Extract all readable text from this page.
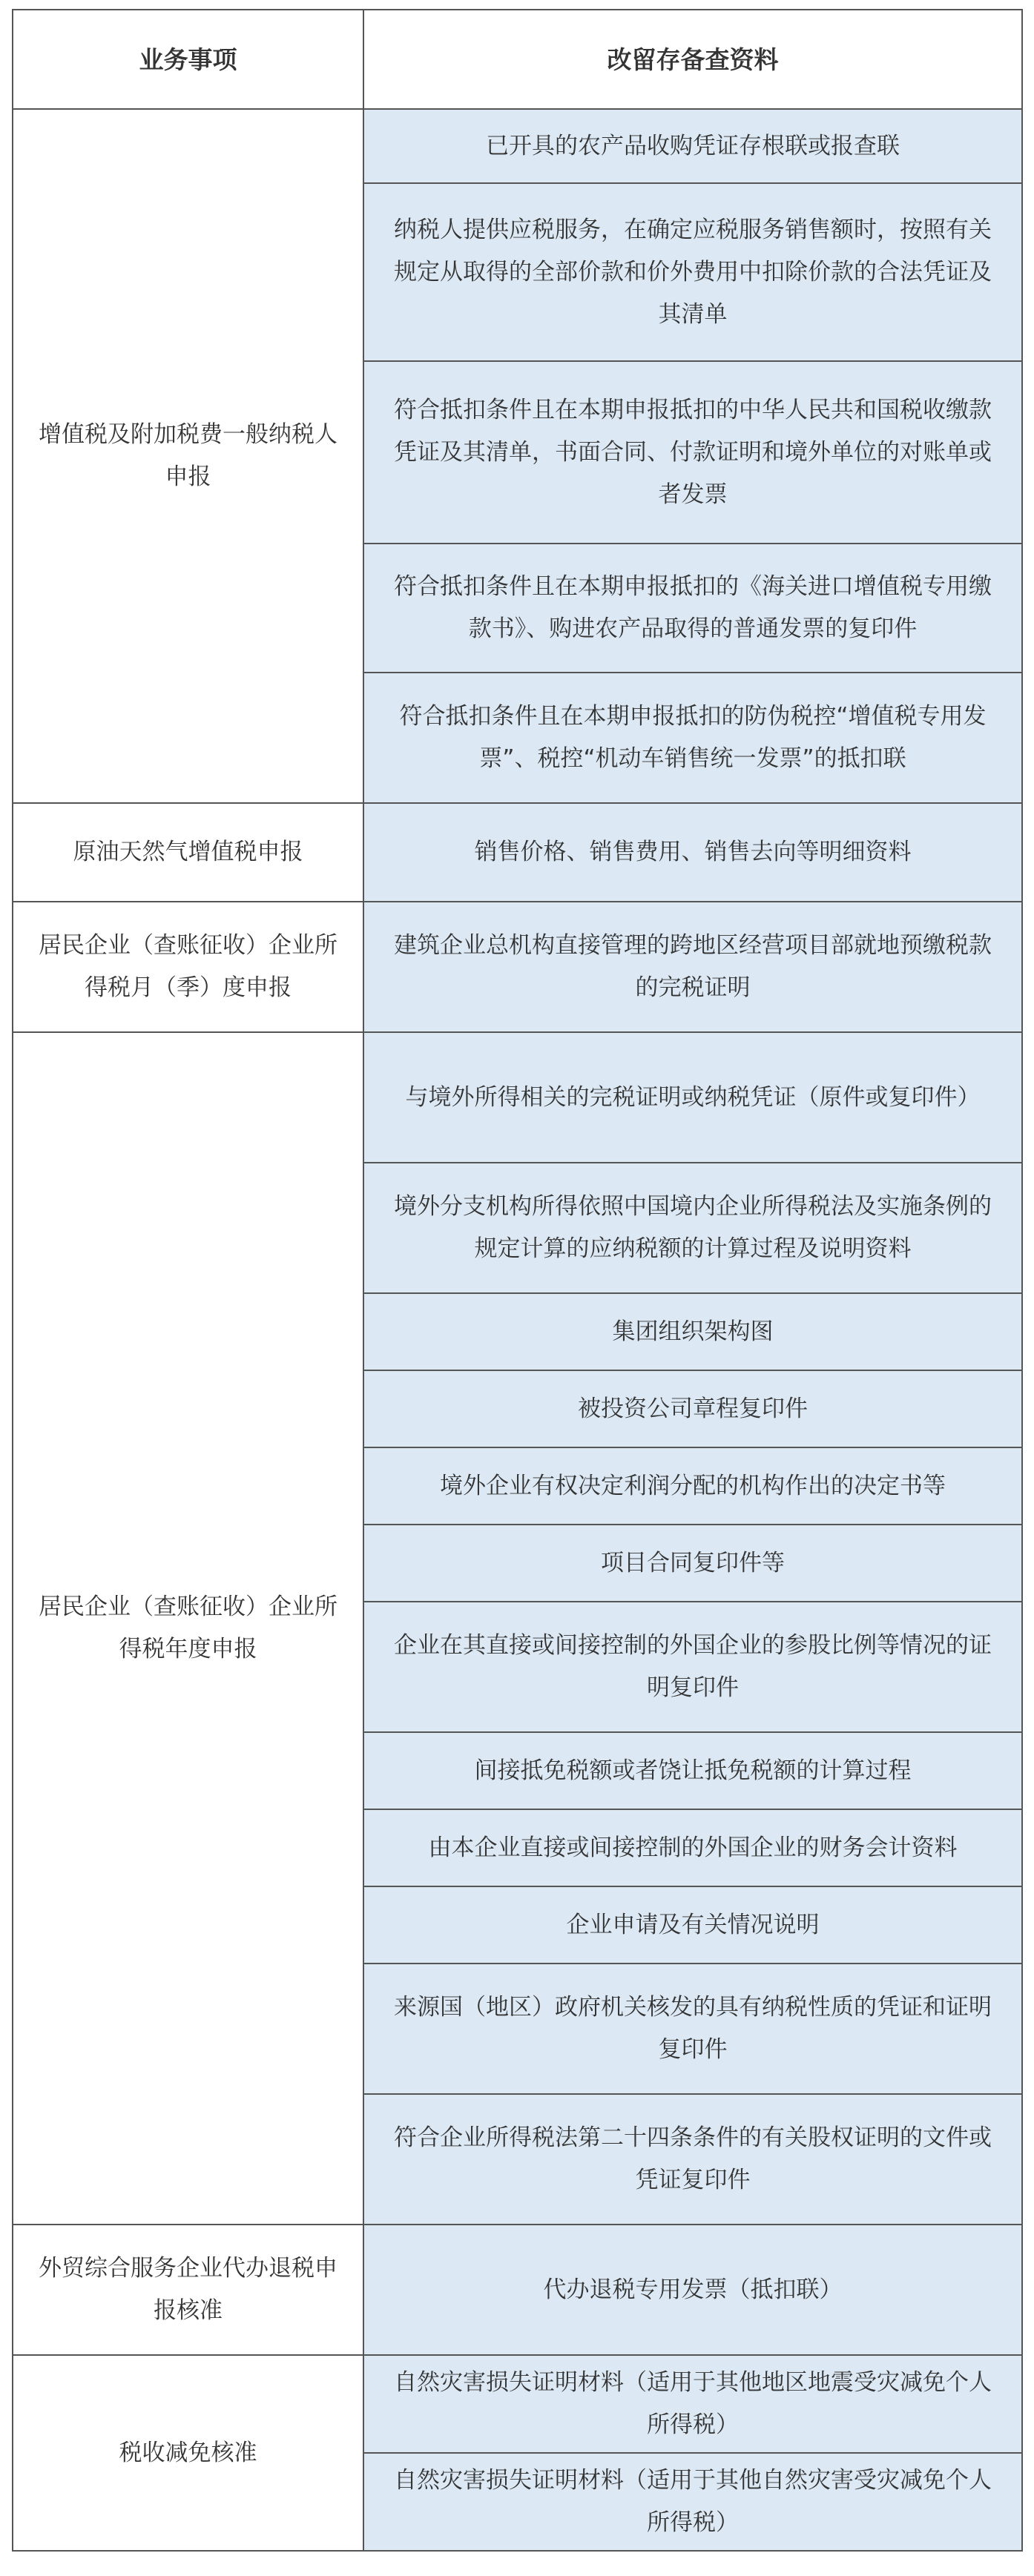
业务事项	改留存备查资料
增值税及附加税费一般纳税人申报	已开具的农产品收购凭证存根联或报查联
	纳税人提供应税服务，在确定应税服务销售额时，按照有关规定从取得的全部价款和价外费用中扣除价款的合法凭证及其清单
	符合抵扣条件且在本期申报抵扣的中华人民共和国税收缴款凭证及其清单，书面合同、付款证明和境外单位的对账单或者发票
	符合抵扣条件且在本期申报抵扣的《海关进口增值税专用缴款书》、购进农产品取得的普通发票的复印件
	符合抵扣条件且在本期申报抵扣的防伪税控“增值税专用发票”、税控“机动车销售统一发票”的抵扣联
原油天然气增值税申报	销售价格、销售费用、销售去向等明细资料
居民企业（查账征收）企业所得税月（季）度申报	建筑企业总机构直接管理的跨地区经营项目部就地预缴税款的完税证明
居民企业（查账征收）企业所得税年度申报	与境外所得相关的完税证明或纳税凭证（原件或复印件）
	境外分支机构所得依照中国境内企业所得税法及实施条例的规定计算的应纳税额的计算过程及说明资料
	集团组织架构图
	被投资公司章程复印件
	境外企业有权决定利润分配的机构作出的决定书等
	项目合同复印件等
	企业在其直接或间接控制的外国企业的参股比例等情况的证明复印件
	间接抵免税额或者饶让抵免税额的计算过程
	由本企业直接或间接控制的外国企业的财务会计资料
	企业申请及有关情况说明
	来源国（地区）政府机关核发的具有纳税性质的凭证和证明复印件
	符合企业所得税法第二十四条条件的有关股权证明的文件或凭证复印件
外贸综合服务企业代办退税申报核准	代办退税专用发票（抵扣联）
税收减免核准	自然灾害损失证明材料（适用于其他地区地震受灾减免个人所得税）
	自然灾害损失证明材料（适用于其他自然灾害受灾减免个人所得税）
